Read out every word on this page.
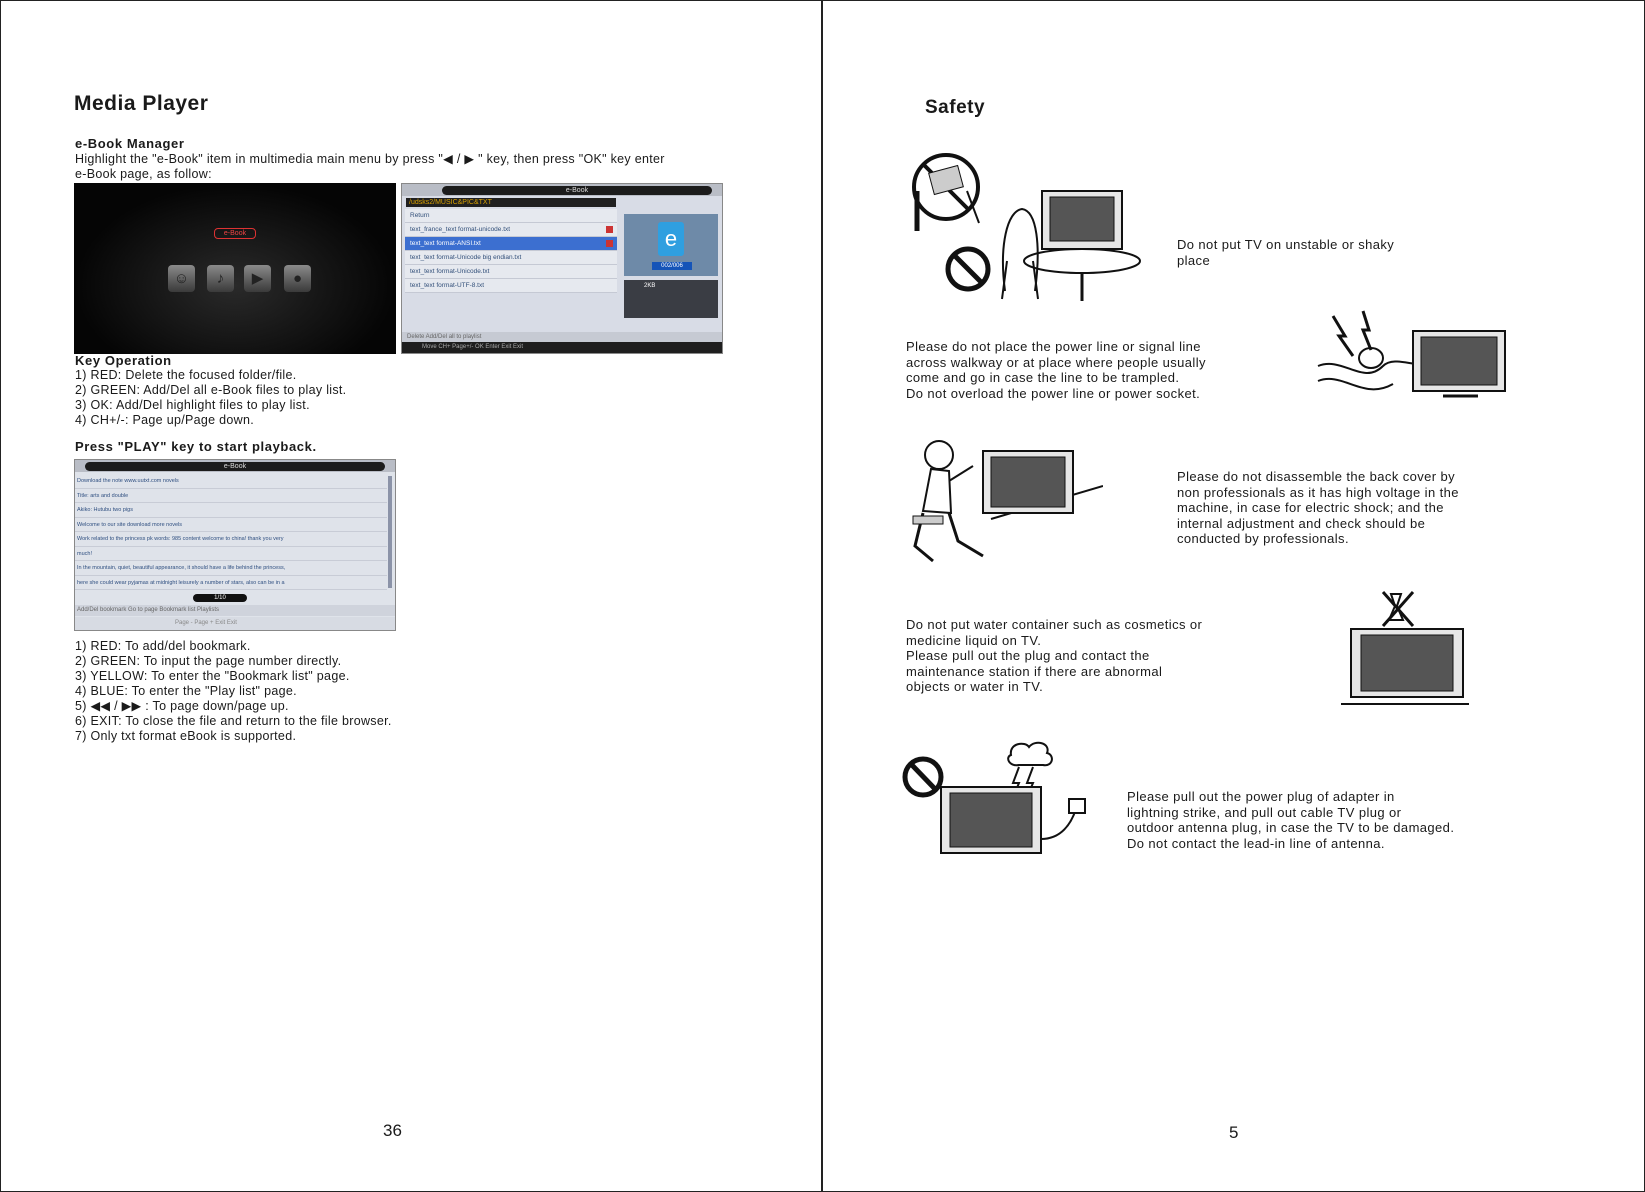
Media Player
e-Book Manager
Highlight the "e-Book" item in multimedia main menu by press "◀ / ▶ " key, then press "OK" key enter
e-Book page, as follow:
e-Book
☺	♪	▶	●
e-Book
/udsks2/MUSIC&PIC&TXT
Return
text_france_text format-unicode.txt
text_text format-ANSI.txt
text_text format-Unicode big endian.txt
text_text format-Unicode.txt
text_text format-UTF-8.txt
e
002/006
2KB
Delete Add/Del all to playlist
Move CH+ Page+/- OK Enter Exit Exit
Key Operation
1) RED: Delete the focused folder/file.
2) GREEN: Add/Del all e-Book files to play list.
3) OK: Add/Del highlight files to play list.
4) CH+/-: Page up/Page down.
Press "PLAY" key to start playback.
e-Book
Download the note www.uutxt.com novels
Title: arts and double
Akiko: Hutubu two pigs
Welcome to our site download more novels
Work related to the princess pk words: 985 content welcome to china! thank you very
much!
In the mountain, quiet, beautiful appearance, it should have a life behind the princess,
here she could wear pyjamas at midnight leisurely a number of stars, also can be in a
1/10
Add/Del bookmark Go to page Bookmark list Playlists
Page - Page + Exit Exit
1) RED: To add/del bookmark.
2) GREEN: To input the page number directly.
3) YELLOW: To enter the "Bookmark list" page.
4) BLUE: To enter the "Play list" page.
5) ◀◀ / ▶▶ : To page down/page up.
6) EXIT: To close the file and return to the file browser.
7) Only txt format eBook is supported.
36
Safety
Do not put TV on unstable or shaky
place
Please do not place the power line or signal line
across walkway or at place where people usually
come and go in case the line to be trampled.
Do not overload the power line or power socket.
Please do not disassemble the back cover by
non professionals as it has high voltage in the
machine, in case for electric shock; and the
internal adjustment and check should be
conducted by professionals.
Do not put water container such as cosmetics or
medicine liquid on TV.
Please pull out the plug and contact the
maintenance station if there are abnormal
objects or water in TV.
Please pull out the power plug of adapter in
lightning strike, and pull out cable TV plug or
outdoor antenna plug, in case the TV to be damaged.
Do not contact the lead-in line of antenna.
5
